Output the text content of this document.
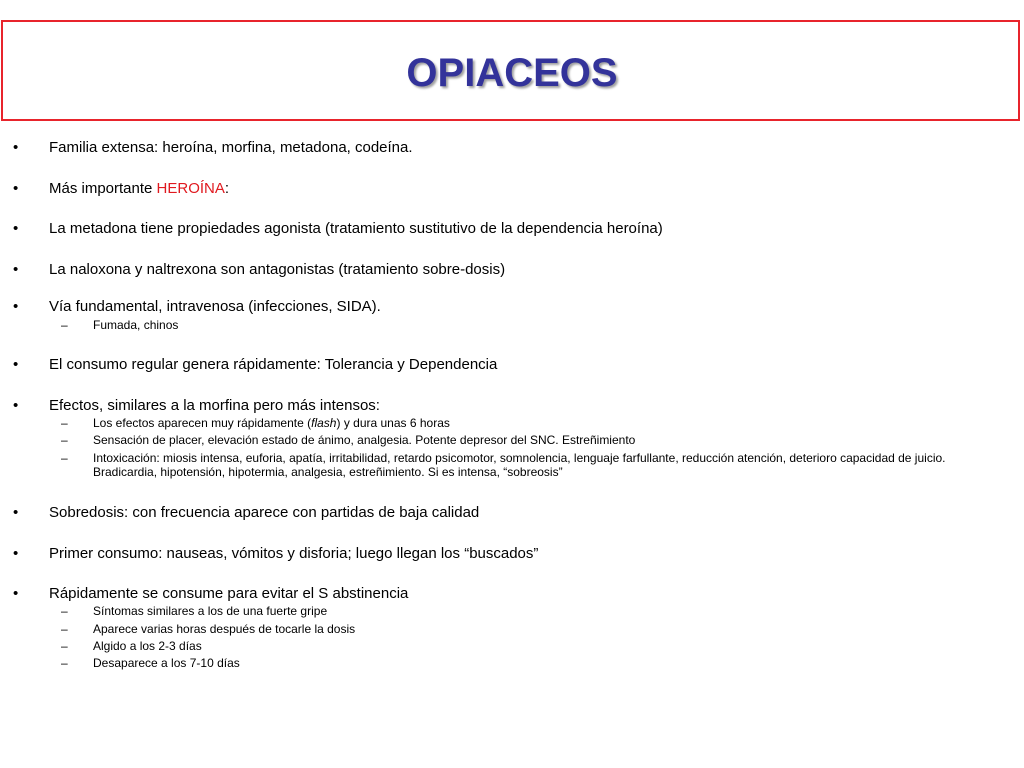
OPIACEOS
• Familia extensa: heroína, morfina, metadona, codeína.
• Más importante HEROÍNA:
• La metadona tiene propiedades agonista (tratamiento sustitutivo de la dependencia heroína)
• La naloxona y naltrexona son antagonistas (tratamiento sobre-dosis)
• Vía fundamental, intravenosa (infecciones, SIDA).
– Fumada, chinos
• El consumo regular genera rápidamente: Tolerancia y Dependencia
• Efectos, similares a la morfina pero más intensos:
– Los efectos aparecen muy rápidamente (flash) y dura unas 6 horas
– Sensación de placer, elevación estado de ánimo, analgesia. Potente depresor del SNC. Estreñimiento
– Intoxicación: miosis intensa, euforia, apatía, irritabilidad, retardo psicomotor, somnolencia, lenguaje farfullante, reducción atención, deterioro capacidad de juicio. Bradicardia, hipotensión, hipotermia, analgesia, estreñimiento. Si es intensa, “sobreosis”
• Sobredosis: con frecuencia aparece con partidas de baja calidad
• Primer consumo: nauseas, vómitos y disforia; luego llegan los “buscados”
• Rápidamente se consume para evitar el S abstinencia
– Síntomas similares a los de una fuerte gripe
– Aparece varias horas después de tocarle la dosis
– Algido a los 2-3 días
– Desaparece a los 7-10 días
